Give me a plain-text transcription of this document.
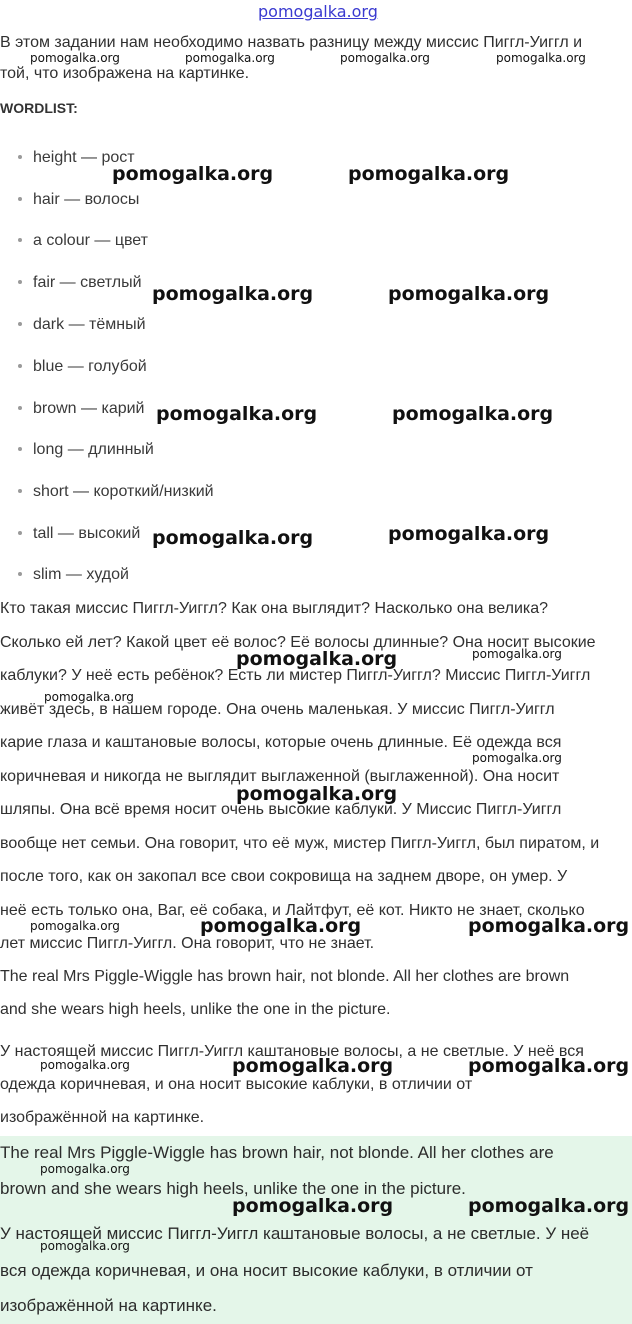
pomogalka.org
В этом задании нам необходимо назвать разницу между миссис Пиггл-Уиггл и
той, что изображена на картинке.
WORDLIST:
height — рост
hair — волосы
a colour — цвет
fair — светлый
dark — тёмный
blue — голубой
brown — карий
long — длинный
short — короткий/низкий
tall — высокий
slim — худой
Кто такая миссис Пиггл-Уиггл? Как она выглядит? Насколько она велика?
Сколько ей лет? Какой цвет её волос? Её волосы длинные? Она носит высокие
каблуки? У неё есть ребёнок? Есть ли мистер Пиггл-Уиггл? Миссис Пиггл-Уиггл
живёт здесь, в нашем городе. Она очень маленькая. У миссис Пиггл-Уиггл
карие глаза и каштановые волосы, которые очень длинные. Её одежда вся
коричневая и никогда не выглядит выглаженной (выглаженной). Она носит
шляпы. Она всё время носит очень высокие каблуки. У Миссис Пиггл-Уиггл
вообще нет семьи. Она говорит, что её муж, мистер Пиггл-Уиггл, был пиратом, и
после того, как он закопал все свои сокровища на заднем дворе, он умер. У
неё есть только она, Ваг, её собака, и Лайтфут, её кот. Никто не знает, сколько
лет миссис Пиггл-Уиггл. Она говорит, что не знает.
The real Mrs Piggle-Wiggle has brown hair, not blonde. All her clothes are brown
and she wears high heels, unlike the one in the picture.
У настоящей миссис Пиггл-Уиггл каштановые волосы, а не светлые. У неё вся
одежда коричневая, и она носит высокие каблуки, в отличии от
изображённой на картинке.
The real Mrs Piggle-Wiggle has brown hair, not blonde. All her clothes are
brown and she wears high heels, unlike the one in the picture.
У настоящей миссис Пиггл-Уиггл каштановые волосы, а не светлые. У неё
вся одежда коричневая, и она носит высокие каблуки, в отличии от
изображённой на картинке.
pomogalka.org	pomogalka.org	pomogalka.org	pomogalka.org
pomogalka.org	pomogalka.org
pomogalka.org	pomogalka.org
pomogalka.org	pomogalka.org
pomogalka.org	pomogalka.org
pomogalka.org	pomogalka.org
pomogalka.org
pomogalka.org
pomogalka.org
pomogalka.org	pomogalka.org	pomogalka.org
pomogalka.org	pomogalka.org	pomogalka.org
pomogalka.org
pomogalka.org	pomogalka.org
pomogalka.org
